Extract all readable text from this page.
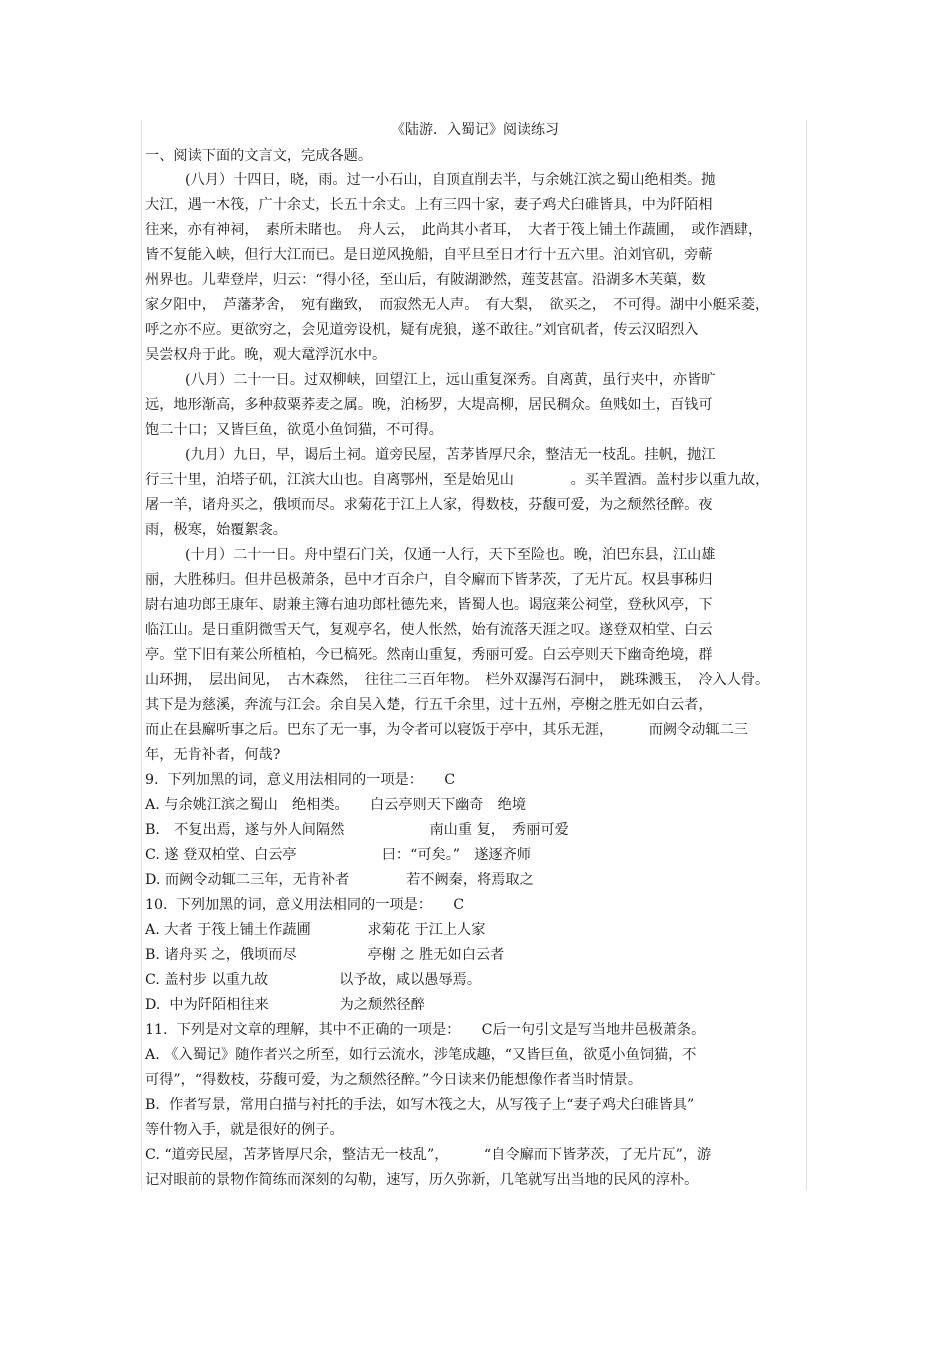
《陆游．入蜀记》阅读练习
一、阅读下面的文言文，完成各题。
(八月）十四日，晓，雨。过一小石山，自顶直削去半，与余姚江滨之蜀山绝相类。抛
大江，遇一木筏，广十余丈，长五十余丈。上有三四十家，妻子鸡犬臼碓皆具，中为阡陌相
往来，亦有神祠，　素所未睹也。　舟人云，　此尚其小者耳，　大者于筏上铺土作蔬圃，　或作酒肆，
皆不复能入峡，但行大江而已。是日逆风挽船，自平旦至日才行十五六里。泊刘官矶，旁蕲
州界也。儿辈登岸，归云：“得小径，至山后，有陂湖渺然，莲芰甚富。沿湖多木芙蕖，数
家夕阳中，　芦藩茅舍，　宛有幽致，　而寂然无人声。　有大梨，　欲买之，　不可得。湖中小艇采菱，
呼之亦不应。更欲穷之，会见道旁设机，疑有虎狼，遂不敢往。”刘官矶者，传云汉昭烈入
吴尝权舟于此。晚，观大鼋浮沉水中。
(八月）二十一日。过双柳峡，回望江上，远山重复深秀。自离黄，虽行夹中，亦皆旷
远，地形渐高，多种菽粟荞麦之属。晚，泊杨罗，大堤高柳，居民稠众。鱼贱如土，百钱可
饱二十口；又皆巨鱼，欲觅小鱼饲猫，不可得。
(九月）九日，早，谒后土祠。道旁民屋，苫茅皆厚尺余，整洁无一枝乱。挂帆，抛江
行三十里，泊塔子矶，江滨大山也。自离鄂州，至是始见山　　　　。买羊置酒。盖村步以重九故，
屠一羊，诸舟买之，俄顷而尽。求菊花于江上人家，得数枝，芬馥可爱，为之颓然径醉。夜
雨，极寒，始覆絮衾。
(十月）二十一日。舟中望石门关，仅通一人行，天下至险也。晚，泊巴东县，江山雄
丽，大胜秭归。但井邑极萧条，邑中才百余户，自令廨而下皆茅茨，了无片瓦。权县事秭归
尉右迪功郎王康年、尉兼主簿右迪功郎杜德先来，皆蜀人也。谒寇莱公祠堂，登秋风亭，下
临江山。是日重阴微雪天气，复观亭名，使人怅然，始有流落天涯之叹。遂登双柏堂、白云
亭。堂下旧有莱公所植柏，今已槁死。然南山重复，秀丽可爱。白云亭则天下幽奇绝境，群
山环拥，　层出间见，　古木森然，　往往二三百年物。　栏外双瀑泻石洞中，　跳珠溅玉，　冷入人骨。
其下是为慈溪，奔流与江会。余自吴入楚，行五千余里，过十五州，亭榭之胜无如白云者，
而止在县廨听事之后。巴东了无一事，为令者可以寝饭于亭中，其乐无涯，　　　而阙令动辄二三
年，无肯补者，何哉?
9.  下列加黑的词，意义用法相同的一项是：　　C
A. 与余姚江滨之蜀山　绝相类。　　白云亭则天下幽奇　绝境
B.　不复出焉，遂与外人间隔然　　　　　　南山重 复，　秀丽可爱
C. 遂 登双柏堂、白云亭　　　　　　曰：“可矣。”　遂逐齐师
D. 而阙令动辄二三年，无肯补者　　　　若不阙秦，将焉取之
10.  下列加黑的词，意义用法相同的一项是：　　C
A. 大者 于筏上铺土作蔬圃　　　　求菊花 于江上人家
B. 诸舟买 之，俄顷而尽　　　　　亭榭 之 胜无如白云者
C. 盖村步 以重九故　　　　　以予故，咸以愚辱焉。
D.  中为阡陌相往来　　　　　为之颓然径醉
11.  下列是对文章的理解，其中不正确的一项是：　　C后一句引文是写当地井邑极萧条。
A. 《入蜀记》随作者兴之所至，如行云流水，涉笔成趣，“又皆巨鱼，欲觅小鱼饲猫，不
可得”，“得数枝，芬馥可爱，为之颓然径醉。”今日读来仍能想像作者当时情景。
B.  作者写景，常用白描与衬托的手法，如写木筏之大，从写筏子上“妻子鸡犬臼碓皆具”
等什物入手，就是很好的例子。
C. “道旁民屋，苫茅皆厚尺余，整洁无一枝乱”，　　　“自令廨而下皆茅茨，了无片瓦”，游
记对眼前的景物作简练而深刻的勾勒，速写，历久弥新，几笔就写出当地的民风的淳朴。
